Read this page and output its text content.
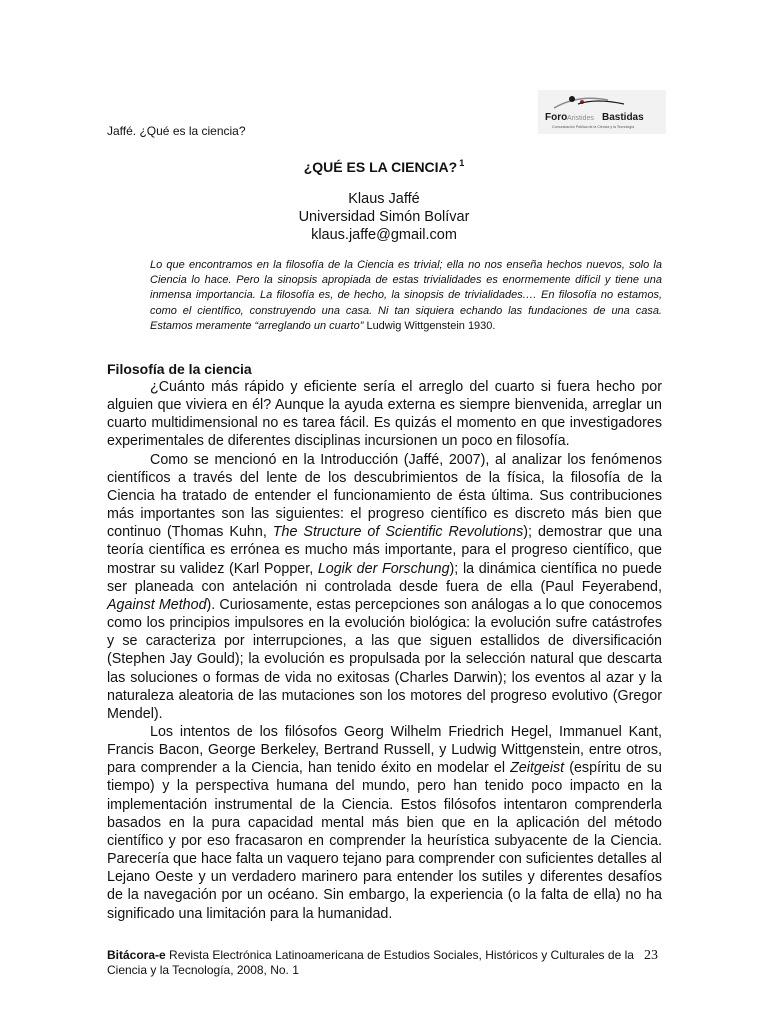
Foro Aristides Bastidas
Comunicación Pública de la Ciencia y la Tecnología
Jaffé. ¿Qué es la ciencia?
¿QUÉ ES LA CIENCIA? $^1$
Klaus Jaffé
Universidad Simón Bolívar
klaus.jaffe@gmail.com
Lo que encontramos en la filosofía de la Ciencia es trivial; ella no nos enseña hechos nuevos, solo la Ciencia lo hace. Pero la sinopsis apropiada de estas trivialidades es enormemente difícil y tiene una inmensa importancia. La filosofía es, de hecho, la sinopsis de trivialidades.… En filosofía no estamos, como el científico, construyendo una casa. Ni tan siquiera echando las fundaciones de una casa. Estamos meramente “arreglando un cuarto” Ludwig Wittgenstein 1930.
Filosofía de la ciencia

¿Cuánto más rápido y eficiente sería el arreglo del cuarto si fuera hecho por alguien que viviera en él? Aunque la ayuda externa es siempre bienvenida, arreglar un cuarto multidimensional no es tarea fácil. Es quizás el momento en que investigadores experimentales de diferentes disciplinas incursionen un poco en filosofía.

Como se mencionó en la Introducción (Jaffé, 2007), al analizar los fenómenos científicos a través del lente de los descubrimientos de la física, la filosofía de la Ciencia ha tratado de entender el funcionamiento de ésta última. Sus contribuciones más importantes son las siguientes: el progreso científico es discreto más bien que continuo (Thomas Kuhn, The Structure of Scientific Revolutions); demostrar que una teoría científica es errónea es mucho más importante, para el progreso científico, que mostrar su validez (Karl Popper, Logik der Forschung); la dinámica científica no puede ser planeada con antelación ni controlada desde fuera de ella (Paul Feyerabend, Against Method). Curiosamente, estas percepciones son análogas a lo que conocemos como los principios impulsores en la evolución biológica: la evolución sufre catástrofes y se caracteriza por interrupciones, a las que siguen estallidos de diversificación (Stephen Jay Gould); la evolución es propulsada por la selección natural que descarta las soluciones o formas de vida no exitosas (Charles Darwin); los eventos al azar y la naturaleza aleatoria de las mutaciones son los motores del progreso evolutivo (Gregor Mendel).

Los intentos de los filósofos Georg Wilhelm Friedrich Hegel, Immanuel Kant, Francis Bacon, George Berkeley, Bertrand Russell, y Ludwig Wittgenstein, entre otros, para comprender a la Ciencia, han tenido éxito en modelar el Zeitgeist (espíritu de su tiempo) y la perspectiva humana del mundo, pero han tenido poco impacto en la implementación instrumental de la Ciencia. Estos filósofos intentaron comprenderla basados en la pura capacidad mental más bien que en la aplicación del método científico y por eso fracasaron en comprender la heurística subyacente de la Ciencia. Parecería que hace falta un vaquero tejano para comprender con suficientes detalles al Lejano Oeste y un verdadero marinero para entender los sutiles y diferentes desafíos de la navegación por un océano. Sin embargo, la experiencia (o la falta de ella) no ha significado una limitación para la humanidad.

Bitácora-e Revista Electrónica Latinoamericana de Estudios Sociales, Históricos y Culturales de la Ciencia y la Tecnología, 2008, No. 1
23
